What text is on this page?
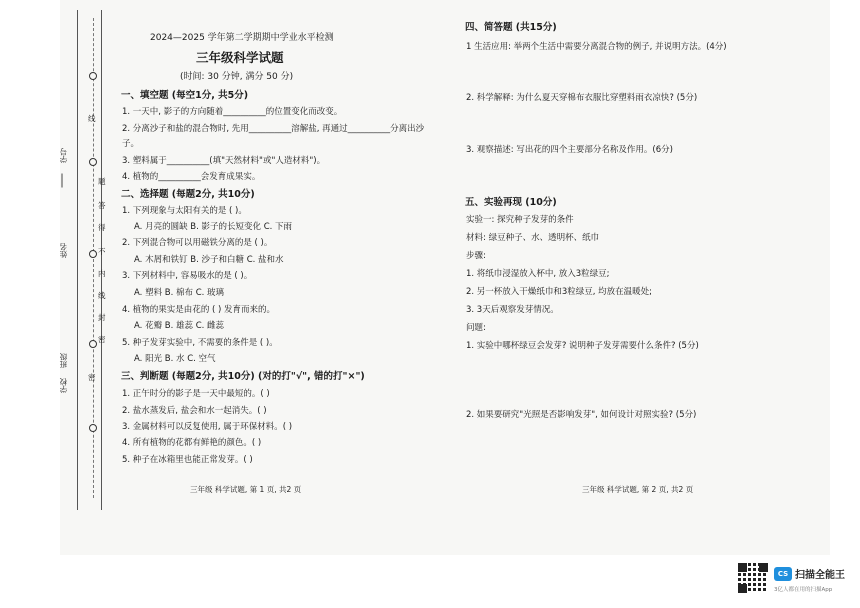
线
题
答
得
不
内
线
封
密
密
学号
姓名
学校
班级
2024—2025 学年第二学期期中学业水平检测
三年级科学试题
(时间: 30 分钟, 满分 50 分)
一、填空题 (每空1分, 共5分)
1. 一天中, 影子的方向随着__________的位置变化而改变。
2. 分离沙子和盐的混合物时, 先用__________溶解盐, 再通过__________分离出沙
子。
3. 塑料属于__________(填"天然材料"或"人造材料")。
4. 植物的__________会发育成果实。
二、选择题 (每题2分, 共10分)
1. 下列现象与太阳有关的是 ( )。
A. 月亮的圆缺 B. 影子的长短变化 C. 下雨
2. 下列混合物可以用磁铁分离的是 ( )。
A. 木屑和铁钉 B. 沙子和白糖 C. 盐和水
3. 下列材料中, 容易吸水的是 ( )。
A. 塑料 B. 棉布 C. 玻璃
4. 植物的果实是由花的 ( ) 发育而来的。
A. 花瓣 B. 雄蕊 C. 雌蕊
5. 种子发芽实验中, 不需要的条件是 ( )。
A. 阳光 B. 水 C. 空气
三、判断题 (每题2分, 共10分) (对的打"√", 错的打"×")
1. 正午时分的影子是一天中最短的。( )
2. 盐水蒸发后, 盐会和水一起消失。( )
3. 金属材料可以反复使用, 属于环保材料。( )
4. 所有植物的花都有鲜艳的颜色。( )
5. 种子在冰箱里也能正常发芽。( )
三年级 科学试题, 第 1 页, 共2 页
四、简答题 (共15分)
1 生活应用: 举两个生活中需要分离混合物的例子, 并说明方法。(4分)
2. 科学解释: 为什么夏天穿棉布衣服比穿塑料雨衣凉快? (5分)
3. 观察描述: 写出花的四个主要部分名称及作用。(6分)
五、实验再现 (10分)
实验一: 探究种子发芽的条件
材料: 绿豆种子、水、透明杯、纸巾
步骤:
1. 将纸巾浸湿放入杯中, 放入3粒绿豆;
2. 另一杯放入干燥纸巾和3粒绿豆, 均放在温暖处;
3. 3天后观察发芽情况。
问题:
1. 实验中哪杯绿豆会发芽? 说明种子发芽需要什么条件? (5分)
2. 如果要研究"光照是否影响发芽", 如何设计对照实验? (5分)
三年级 科学试题, 第 2 页, 共2 页
CS 扫描全能王
3亿人都在用的扫描App
